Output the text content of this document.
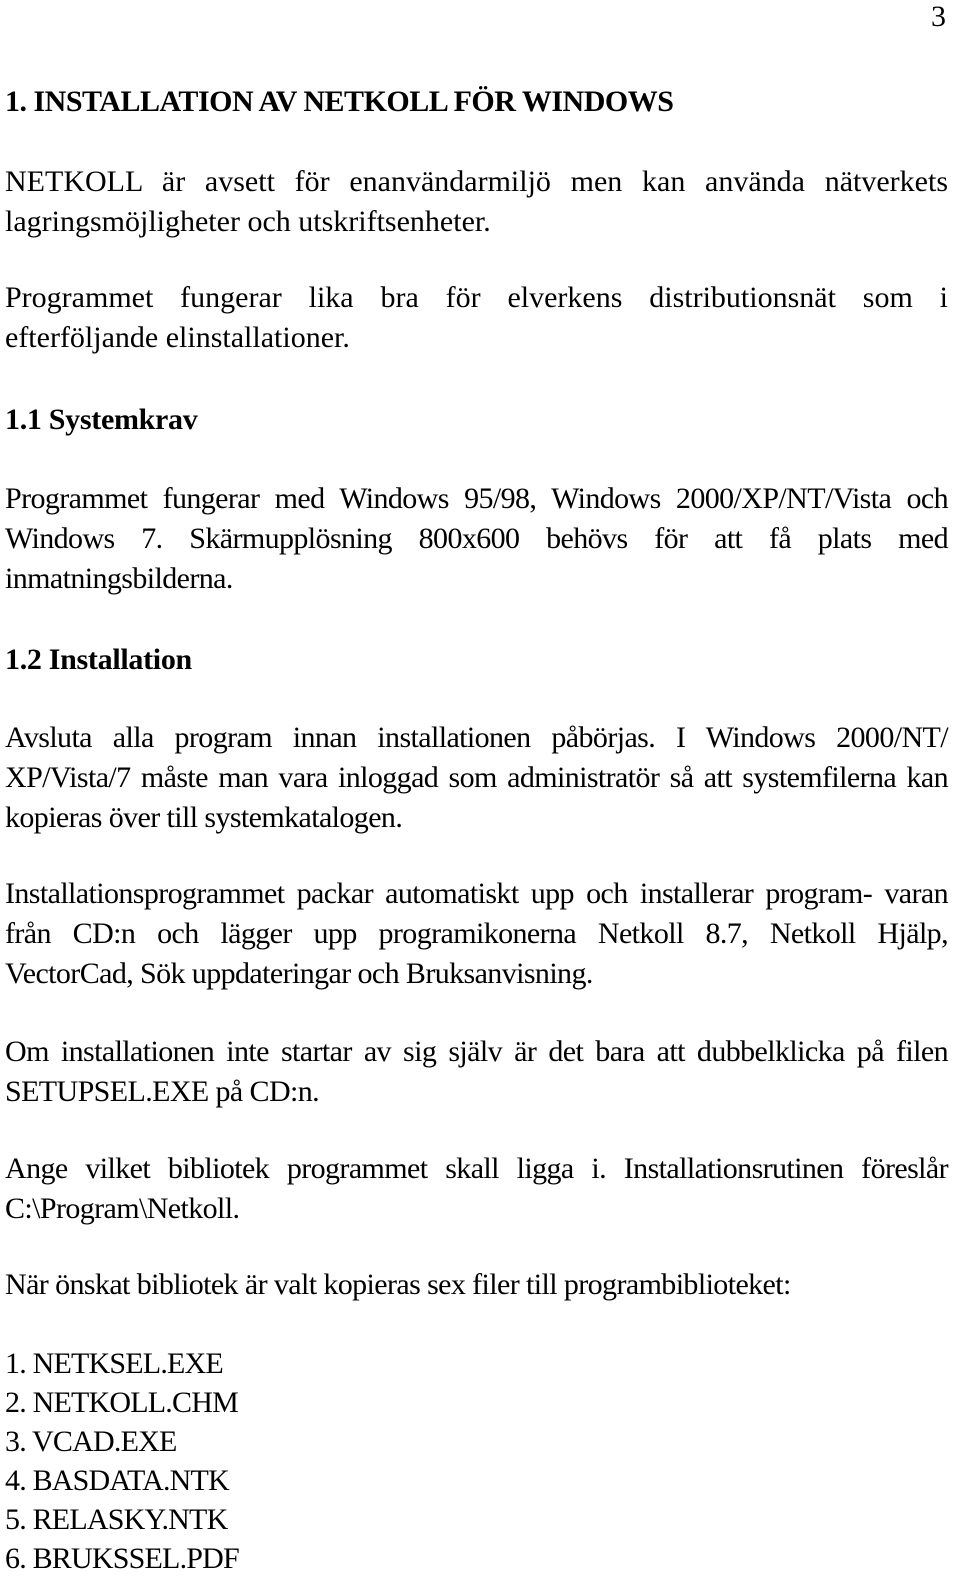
3
1. INSTALLATION AV NETKOLL FÖR WINDOWS

NETKOLL är avsett för enanvändarmiljö men kan använda nätverkets lagringsmöjligheter och utskriftsenheter.

Programmet fungerar lika bra för elverkens distributionsnät som i efterföljande elinstallationer.

1.1 Systemkrav

Programmet fungerar med Windows 95/98, Windows 2000/XP/NT/Vista och Windows 7. Skärmupplösning 800x600 behövs för att få plats med inmatningsbilderna.

1.2 Installation

Avsluta alla program innan installationen påbörjas. I Windows 2000/NT/ XP/Vista/7 måste man vara inloggad som administratör så att systemfilerna kan kopieras över till systemkatalogen.

Installationsprogrammet packar automatiskt upp och installerar program- varan från CD:n och lägger upp programikonerna Netkoll 8.7, Netkoll Hjälp, VectorCad, Sök uppdateringar och Bruksanvisning.

Om installationen inte startar av sig själv är det bara att dubbelklicka på filen SETUPSEL.EXE på CD:n.

Ange vilket bibliotek programmet skall ligga i. Installationsrutinen föreslår C:\Program\Netkoll.

När önskat bibliotek är valt kopieras sex filer till programbiblioteket:

1. NETKSEL.EXE
2. NETKOLL.CHM
3. VCAD.EXE
4. BASDATA.NTK
5. RELASKY.NTK
6. BRUKSSEL.PDF
